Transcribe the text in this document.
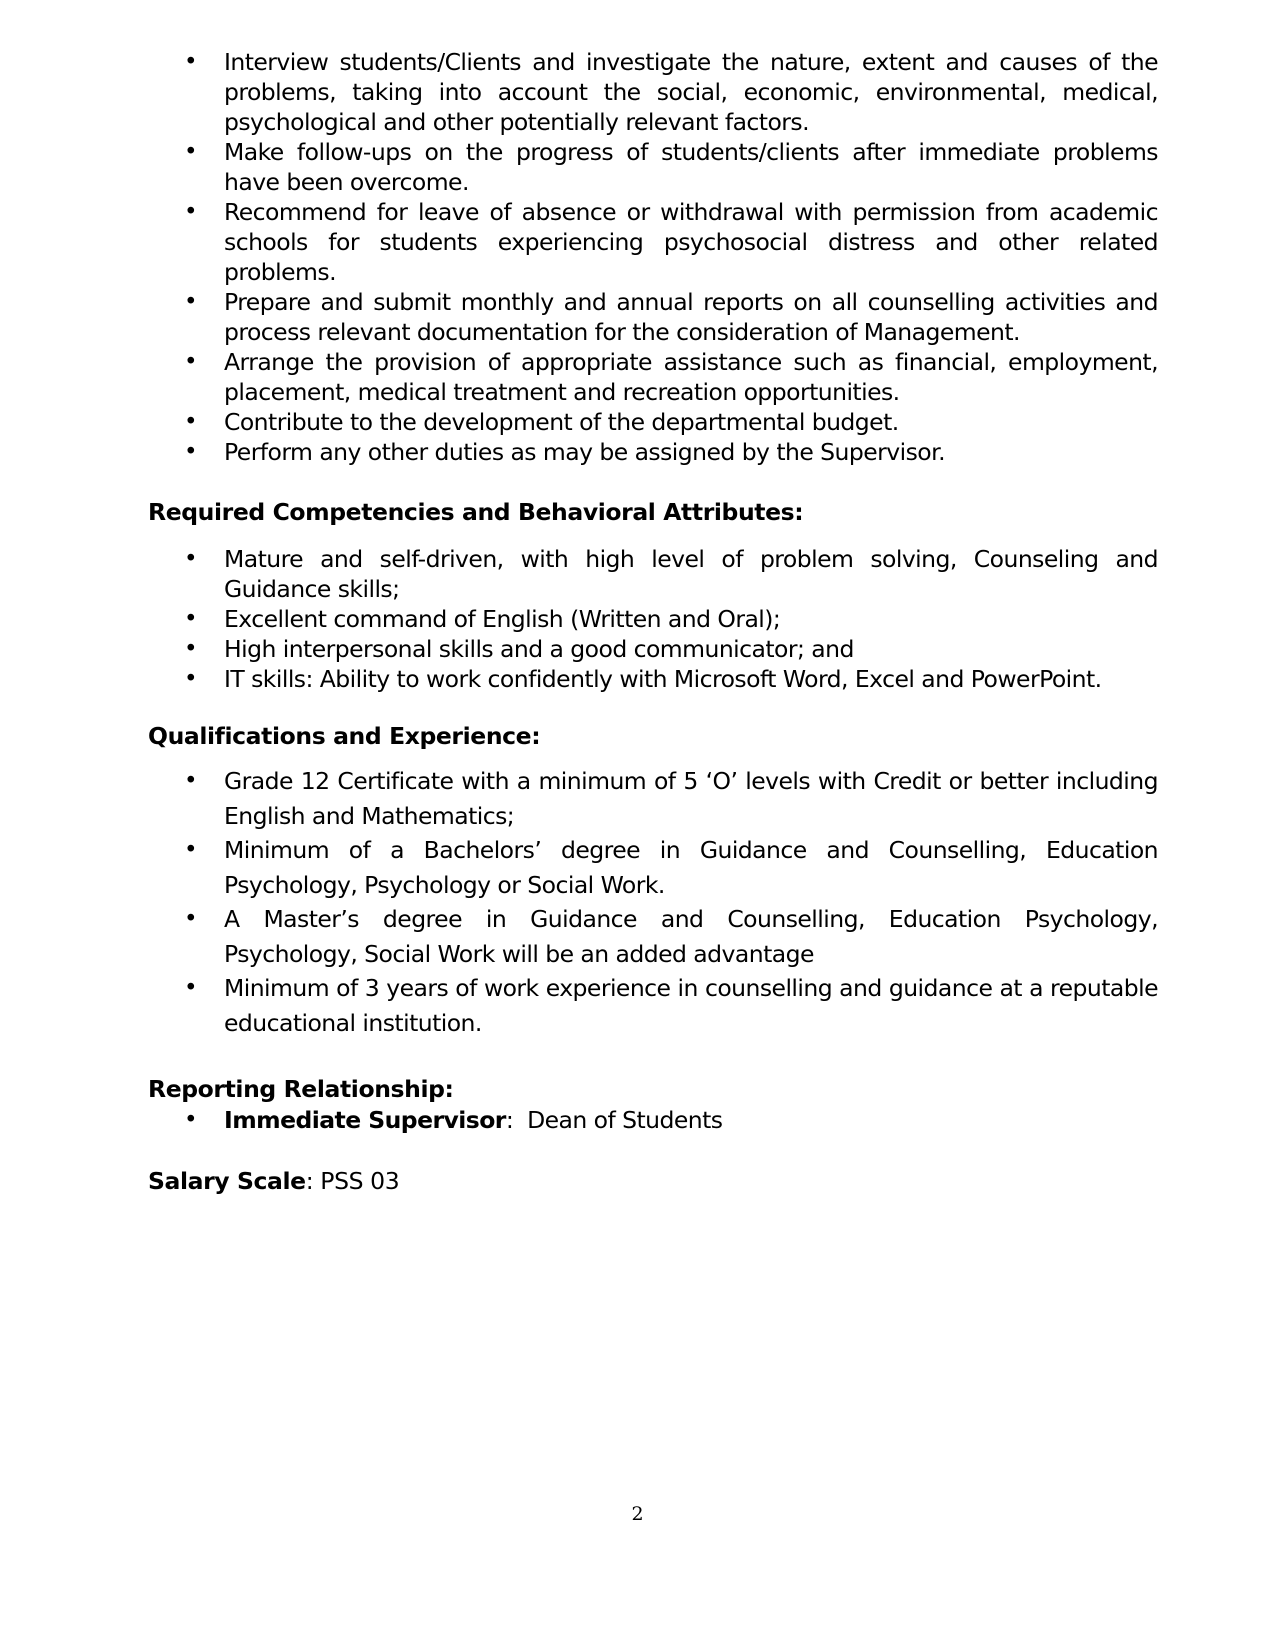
• Interview students/Clients and investigate the nature, extent and causes of the problems, taking into account the social, economic, environmental, medical, psychological and other potentially relevant factors.
• Make follow-ups on the progress of students/clients after immediate problems have been overcome.
• Recommend for leave of absence or withdrawal with permission from academic schools for students experiencing psychosocial distress and other related problems.
• Prepare and submit monthly and annual reports on all counselling activities and process relevant documentation for the consideration of Management.
• Arrange the provision of appropriate assistance such as financial, employment, placement, medical treatment and recreation opportunities.
• Contribute to the development of the departmental budget.
• Perform any other duties as may be assigned by the Supervisor.
Required Competencies and Behavioral Attributes:
• Mature and self-driven, with high level of problem solving, Counseling and Guidance skills;
• Excellent command of English (Written and Oral);
• High interpersonal skills and a good communicator; and
• IT skills: Ability to work confidently with Microsoft Word, Excel and PowerPoint.
Qualifications and Experience:
• Grade 12 Certificate with a minimum of 5 ‘O’ levels with Credit or better including English and Mathematics;
• Minimum of a Bachelors’ degree in Guidance and Counselling, Education Psychology, Psychology or Social Work.
• A Master’s degree in Guidance and Counselling, Education Psychology, Psychology, Social Work will be an added advantage
• Minimum of 3 years of work experience in counselling and guidance at a reputable educational institution.
Reporting Relationship:
• Immediate Supervisor:  Dean of Students
Salary Scale: PSS 03
2
